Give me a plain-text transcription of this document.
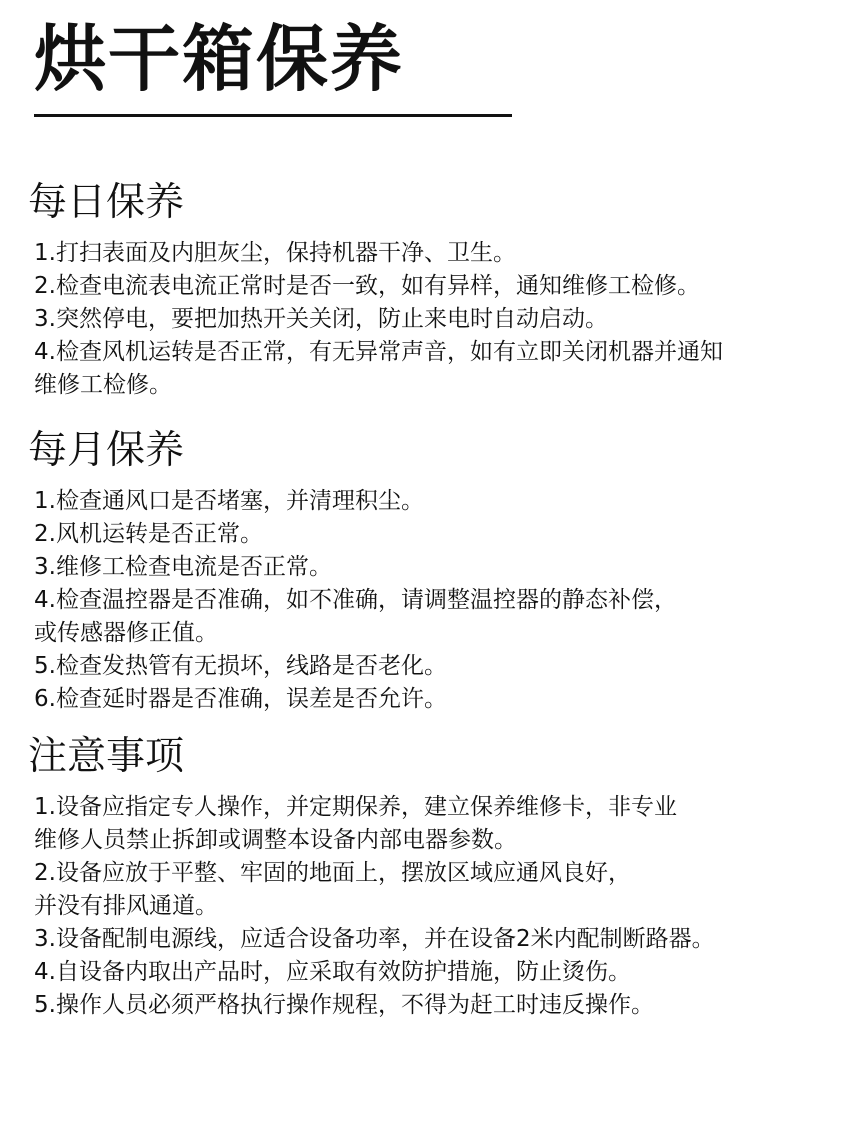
烘干箱保养
每日保养
1.打扫表面及内胆灰尘，保持机器干净、卫生。
2.检查电流表电流正常时是否一致，如有异样，通知维修工检修。
3.突然停电，要把加热开关关闭，防止来电时自动启动。
4.检查风机运转是否正常，有无异常声音，如有立即关闭机器并通知
维修工检修。
每月保养
1.检查通风口是否堵塞，并清理积尘。
2.风机运转是否正常。
3.维修工检查电流是否正常。
4.检查温控器是否准确，如不准确，请调整温控器的静态补偿，
或传感器修正值。
5.检查发热管有无损坏，线路是否老化。
6.检查延时器是否准确，误差是否允许。
注意事项
1.设备应指定专人操作，并定期保养，建立保养维修卡，非专业
维修人员禁止拆卸或调整本设备内部电器参数。
2.设备应放于平整、牢固的地面上，摆放区域应通风良好，
并没有排风通道。
3.设备配制电源线，应适合设备功率，并在设备2米内配制断路器。
4.自设备内取出产品时，应采取有效防护措施，防止烫伤。
5.操作人员必须严格执行操作规程，不得为赶工时违反操作。
